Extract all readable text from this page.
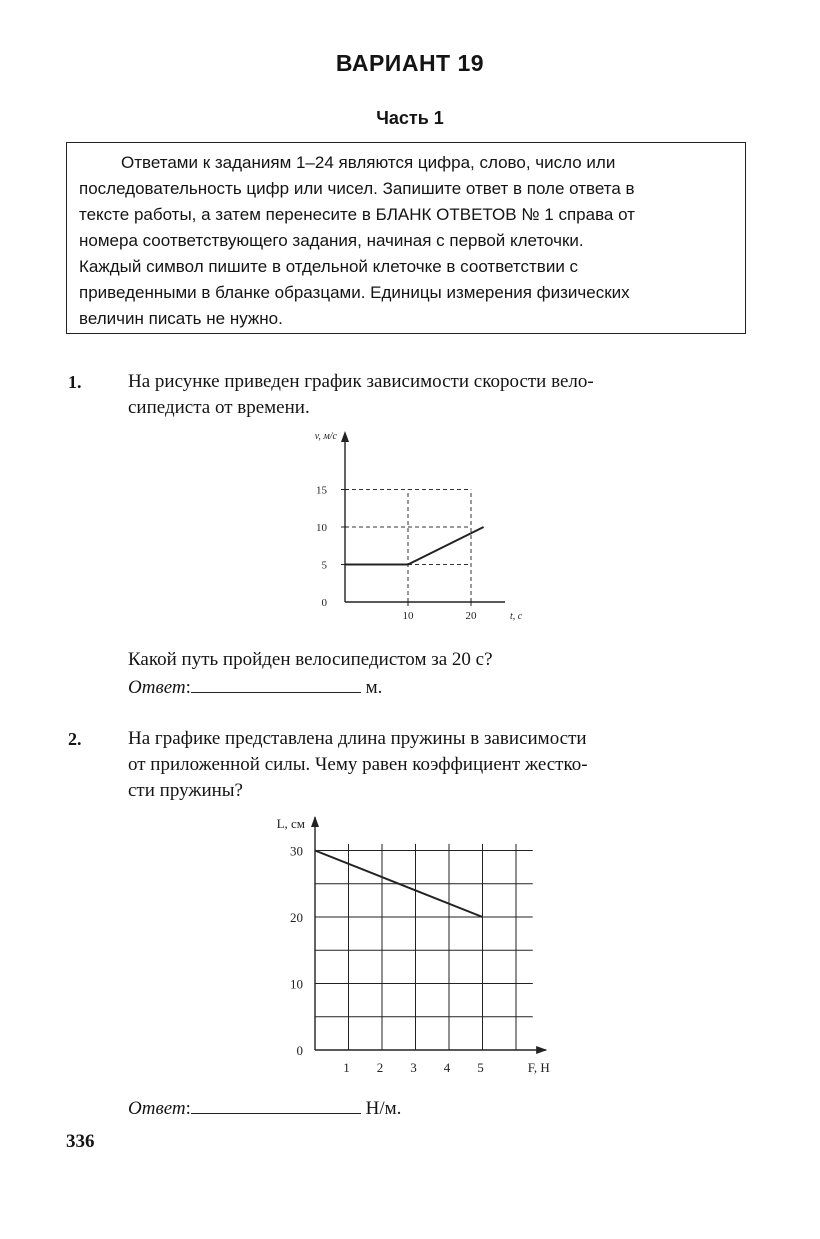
ВАРИАНТ 19
Часть 1
Ответами к заданиям 1–24 являются цифра, слово, число или
последовательность цифр или чисел. Запишите ответ в поле ответа в
тексте работы, а затем перенесите в БЛАНК ОТВЕТОВ № 1 справа от
номера соответствующего задания, начиная с первой клеточки.
Каждый символ пишите в отдельной клеточке в соответствии с
приведенными в бланке образцами. Единицы измерения физических
величин писать не нужно.
1. На рисунке приведен график зависимости скорости вело-
сипедиста от времени.
0
5
10
15
10	20
v, м/с
t, с
Какой путь пройден велосипедистом за 20 с?
Ответ:	м.
2. На графике представлена длина пружины в зависимости
от приложенной силы. Чему равен коэффициент жестко-
сти пружины?
0
10
20
30
1 2 3 4 5
L, см
F, Н
Ответ:	Н/м.
336
